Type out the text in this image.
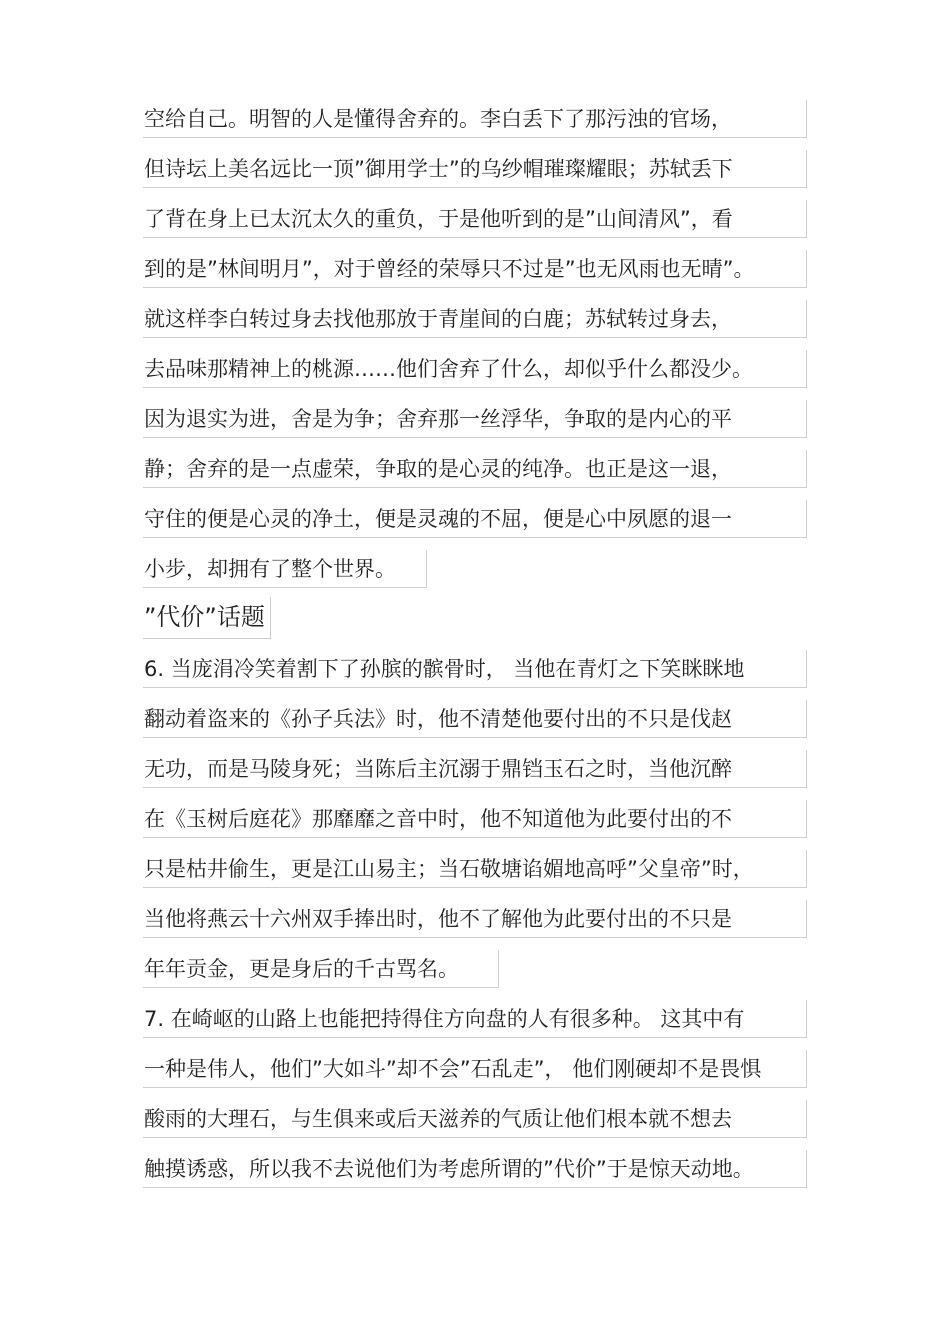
空给自己。明智的人是懂得舍弃的。李白丢下了那污浊的官场，
但诗坛上美名远比一顶”御用学士”的乌纱帽璀璨耀眼；苏轼丢下
了背在身上已太沉太久的重负，于是他听到的是”山间清风”，看
到的是”林间明月”，对于曾经的荣辱只不过是”也无风雨也无晴”。
就这样李白转过身去找他那放于青崖间的白鹿；苏轼转过身去，
去品味那精神上的桃源……他们舍弃了什么，却似乎什么都没少。
因为退实为进，舍是为争；舍弃那一丝浮华，争取的是内心的平
静；舍弃的是一点虚荣，争取的是心灵的纯净。也正是这一退，
守住的便是心灵的净土，便是灵魂的不屈，便是心中夙愿的退一
小步，却拥有了整个世界。
”代价”话题
6. 当庞涓冷笑着割下了孙膑的髌骨时， 当他在青灯之下笑眯眯地
翻动着盗来的《孙子兵法》时，他不清楚他要付出的不只是伐赵
无功，而是马陵身死；当陈后主沉溺于鼎铛玉石之时，当他沉醉
在《玉树后庭花》那靡靡之音中时，他不知道他为此要付出的不
只是枯井偷生，更是江山易主；当石敬塘谄媚地高呼”父皇帝”时，
当他将燕云十六州双手捧出时，他不了解他为此要付出的不只是
年年贡金，更是身后的千古骂名。
7. 在崎岖的山路上也能把持得住方向盘的人有很多种。 这其中有
一种是伟人，他们”大如斗”却不会”石乱走”， 他们刚硬却不是畏惧
酸雨的大理石，与生俱来或后天滋养的气质让他们根本就不想去
触摸诱惑，所以我不去说他们为考虑所谓的”代价”于是惊天动地。
